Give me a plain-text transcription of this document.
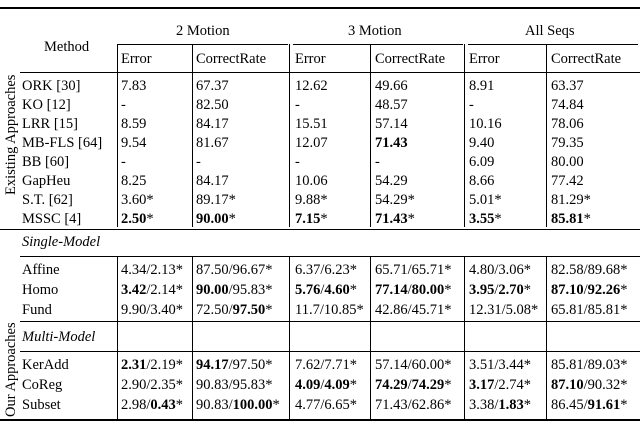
Method
2 Motion	3 Motion	All Seqs
Error	CorrectRate Error	CorrectRate Error	CorrectRate
Existing Approaches
Our Approaches
ORK [30]	7.83	67.37	12.62	49.66	8.91	63.37
KO [12]	-	82.50	-	48.57	-	74.84
LRR [15]	8.59	84.17	15.51	57.14	10.16	78.06
MB-FLS [64] 9.54	81.67	12.07	71.43	9.40	79.35
BB [60]	-	-	-	-	6.09	80.00
GapHeu	8.25	84.17	10.06	54.29	8.66	77.42
S.T. [62]	3.60*	89.17*	9.88*	54.29*	5.01*	81.29*
MSSC [4]	2.50*	90.00*	7.15*	71.43*	3.55*	85.81*
Single-Model
Affine	4.34/2.13* 87.50/96.67* 6.37/6.23* 65.71/65.71* 4.80/3.06* 82.58/89.68*
Homo	3.42/2.14* 90.00/95.83* 5.76/4.60* 77.14/80.00* 3.95/2.70* 87.10/92.26*
Fund	9.90/3.40* 72.50/97.50* 11.7/10.85* 42.86/45.71* 12.31/5.08* 65.81/85.81*
Multi-Model
KerAdd	2.31/2.19* 94.17/97.50* 7.62/7.71* 57.14/60.00* 3.51/3.44* 85.81/89.03*
CoReg	2.90/2.35* 90.83/95.83* 4.09/4.09* 74.29/74.29* 3.17/2.74* 87.10/90.32*
Subset	2.98/0.43* 90.83/100.00* 4.77/6.65* 71.43/62.86* 3.38/1.83* 86.45/91.61*
